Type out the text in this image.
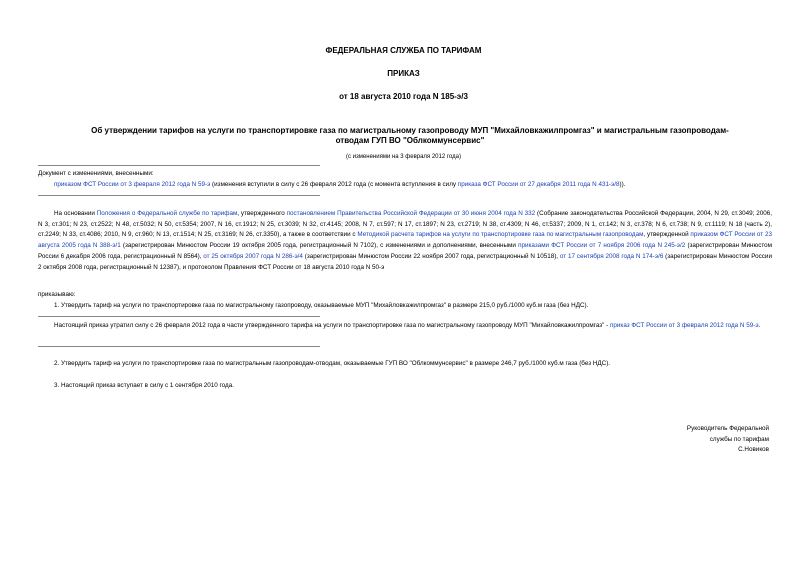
ФЕДЕРАЛЬНАЯ СЛУЖБА ПО ТАРИФАМ

ПРИКАЗ

от 18 августа 2010 года N 185-э/3

Об утверждении тарифов на услуги по транспортировке газа по магистральному газопроводу МУП "Михайловкажилпромгаз" и магистральным газопроводам-
отводам ГУП ВО "Облкоммунсервис"

(с изменениями на 3 февраля 2012 года)

Документ с изменениями, внесенными:

приказом ФСТ России от 3 февраля 2012 года N 59-э (изменения вступили в силу с 26 февраля 2012 года (с момента вступления в силу приказа ФСТ России от 27 декабря 2011 года N 431-э/8)).

На основании Положения о Федеральной службе по тарифам, утвержденного постановлением Правительства Российской Федерации от 30 июня 2004 года N 332 (Собрание законодательства Российской Федерации, 2004, N 29, ст.3049; 2006, N 3, ст.301; N 23, ст.2522; N 48, ст.5032; N 50, ст.5354; 2007, N 16, ст.1912; N 25, ст.3039; N 32, ст.4145; 2008, N 7, ст.597; N 17, ст.1897; N 23, ст.2719; N 38, ст.4309; N 46, ст.5337; 2009, N 1, ст.142; N 3, ст.378; N 6, ст.738; N 9, ст.1119; N 18 (часть 2), ст.2249; N 33, ст.4086; 2010, N 9, ст.960; N 13, ст.1514; N 25, ст.3169; N 26, ст.3350), а также в соответствии с Методикой расчета тарифов на услуги по транспортировке газа по магистральным газопроводам, утвержденной приказом ФСТ России от 23 августа 2005 года N 388-э/1 (зарегистрирован Минюстом России 19 октября 2005 года, регистрационный N 7102), с изменениями и дополнениями, внесенными приказами ФСТ России от 7 ноября 2006 года N 245-э/2 (зарегистрирован Минюстом России 6 декабря 2006 года, регистрационный N 8564), от 25 октября 2007 года N 286-э/4 (зарегистрирован Минюстом России 22 ноября 2007 года, регистрационный N 10518), от 17 сентября 2008 года N 174-э/6 (зарегистрирован Минюстом России 2 октября 2008 года, регистрационный N 12387), и протоколом Правления ФСТ России от 18 августа 2010 года N 50-э

приказываю:

1. Утвердить тариф на услуги по транспортировке газа по магистральному газопроводу, оказываемые МУП "Михайловкажилпромгаз" в размере 215,0 руб./1000 куб.м газа (без НДС).

Настоящий приказ утратил силу с 26 февраля 2012 года в части утвержденного тарифа на услуги по транспортировке газа по магистральному газопроводу МУП "Михайловкажилпромгаз" - приказ ФСТ России от 3 февраля 2012 года N 59-э.

2. Утвердить тариф на услуги по транспортировке газа по магистральным газопроводам-отводам, оказываемые ГУП ВО "Облкоммунсервис" в размере 246,7 руб./1000 куб.м газа (без НДС).

3. Настоящий приказ вступает в силу с 1 сентября 2010 года.

Руководитель Федеральной
службы по тарифам
С.Новиков
